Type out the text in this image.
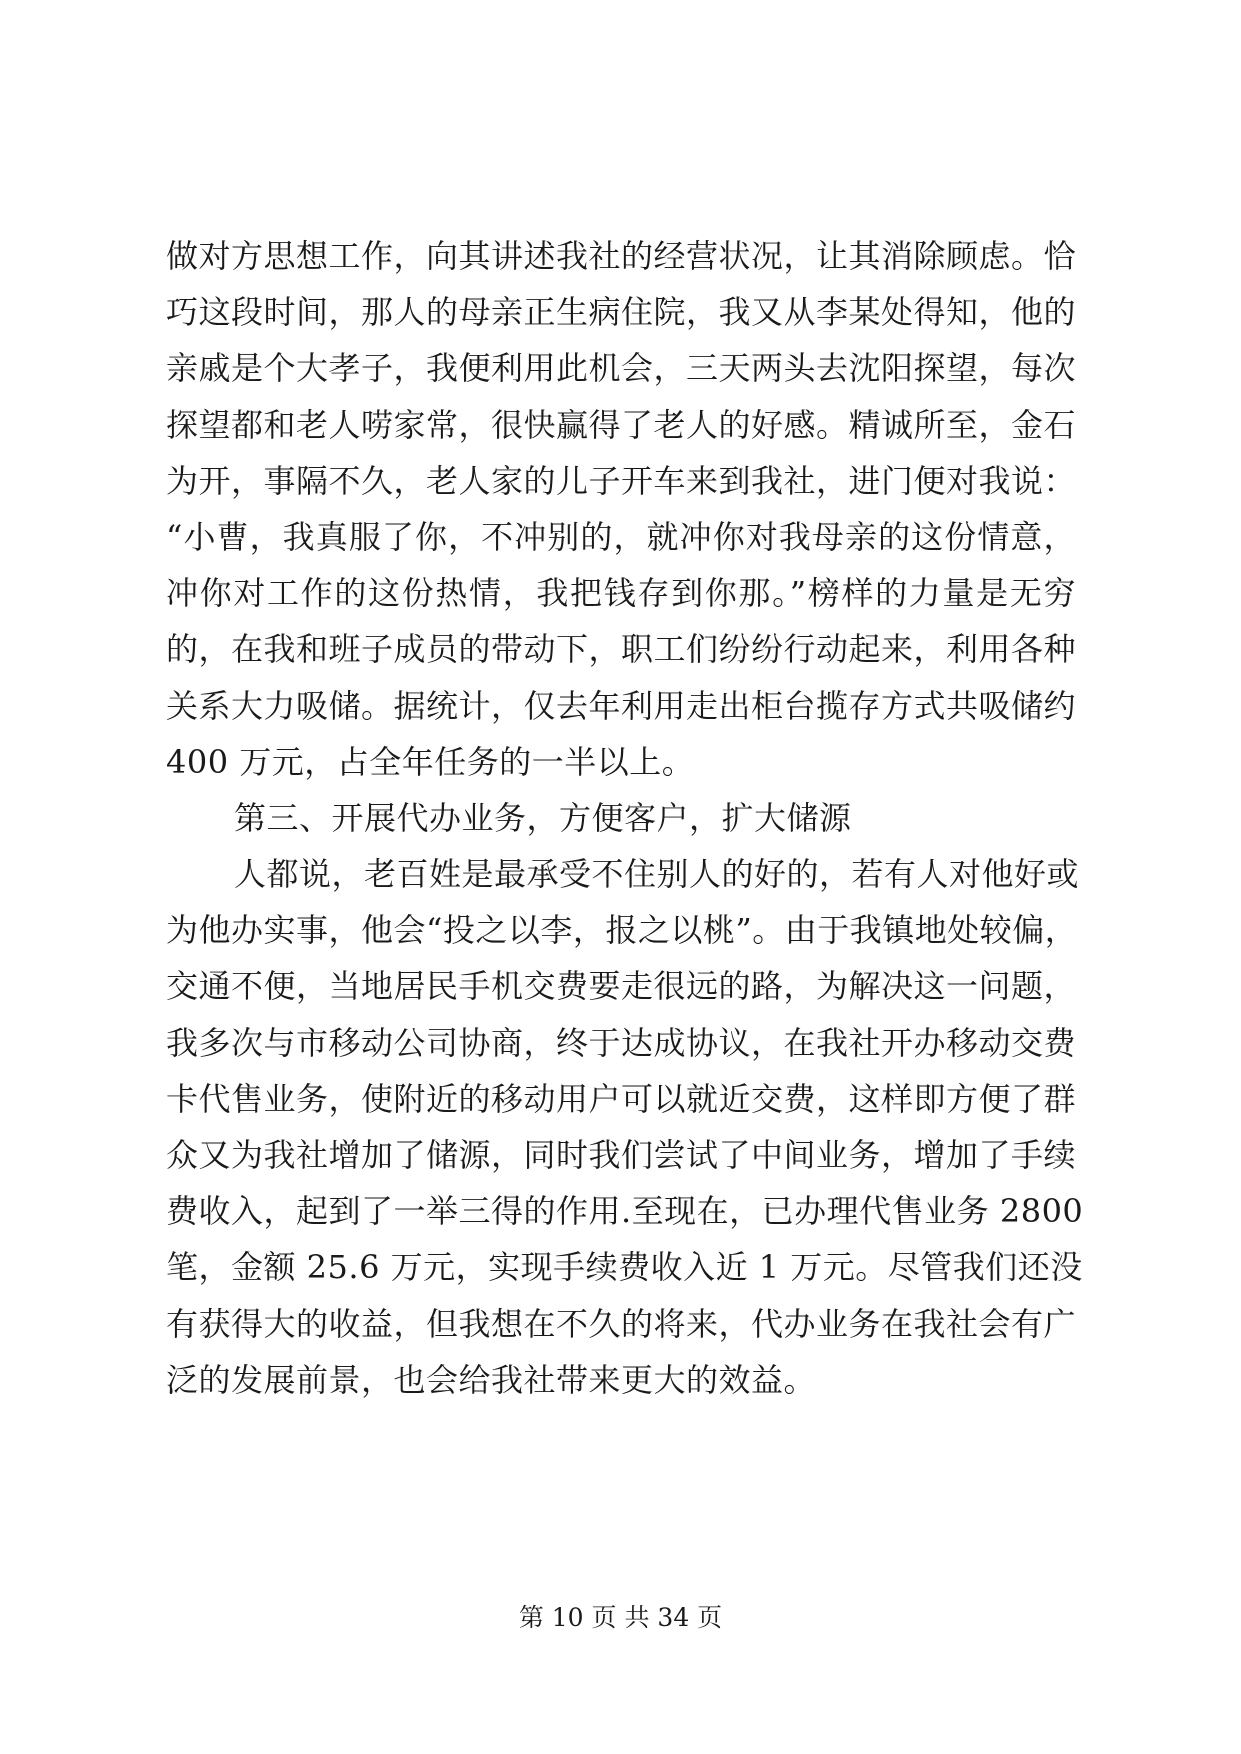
做对方思想工作，向其讲述我社的经营状况，让其消除顾虑。恰
巧这段时间，那人的母亲正生病住院，我又从李某处得知，他的
亲戚是个大孝子，我便利用此机会，三天两头去沈阳探望，每次
探望都和老人唠家常，很快赢得了老人的好感。精诚所至，金石
为开，事隔不久，老人家的儿子开车来到我社，进门便对我说：
“小曹，我真服了你，不冲别的，就冲你对我母亲的这份情意，
冲你对工作的这份热情，我把钱存到你那。”榜样的力量是无穷
的，在我和班子成员的带动下，职工们纷纷行动起来，利用各种
关系大力吸储。据统计，仅去年利用走出柜台揽存方式共吸储约
400 万元，占全年任务的一半以上。
第三、开展代办业务，方便客户，扩大储源
人都说，老百姓是最承受不住别人的好的，若有人对他好或
为他办实事，他会“投之以李，报之以桃”。由于我镇地处较偏，
交通不便，当地居民手机交费要走很远的路，为解决这一问题，
我多次与市移动公司协商，终于达成协议，在我社开办移动交费
卡代售业务，使附近的移动用户可以就近交费，这样即方便了群
众又为我社增加了储源，同时我们尝试了中间业务，增加了手续
费收入，起到了一举三得的作用.至现在，已办理代售业务 2800
笔，金额 25.6 万元，实现手续费收入近 1 万元。尽管我们还没
有获得大的收益，但我想在不久的将来，代办业务在我社会有广
泛的发展前景，也会给我社带来更大的效益。
第 10 页 共 34 页
